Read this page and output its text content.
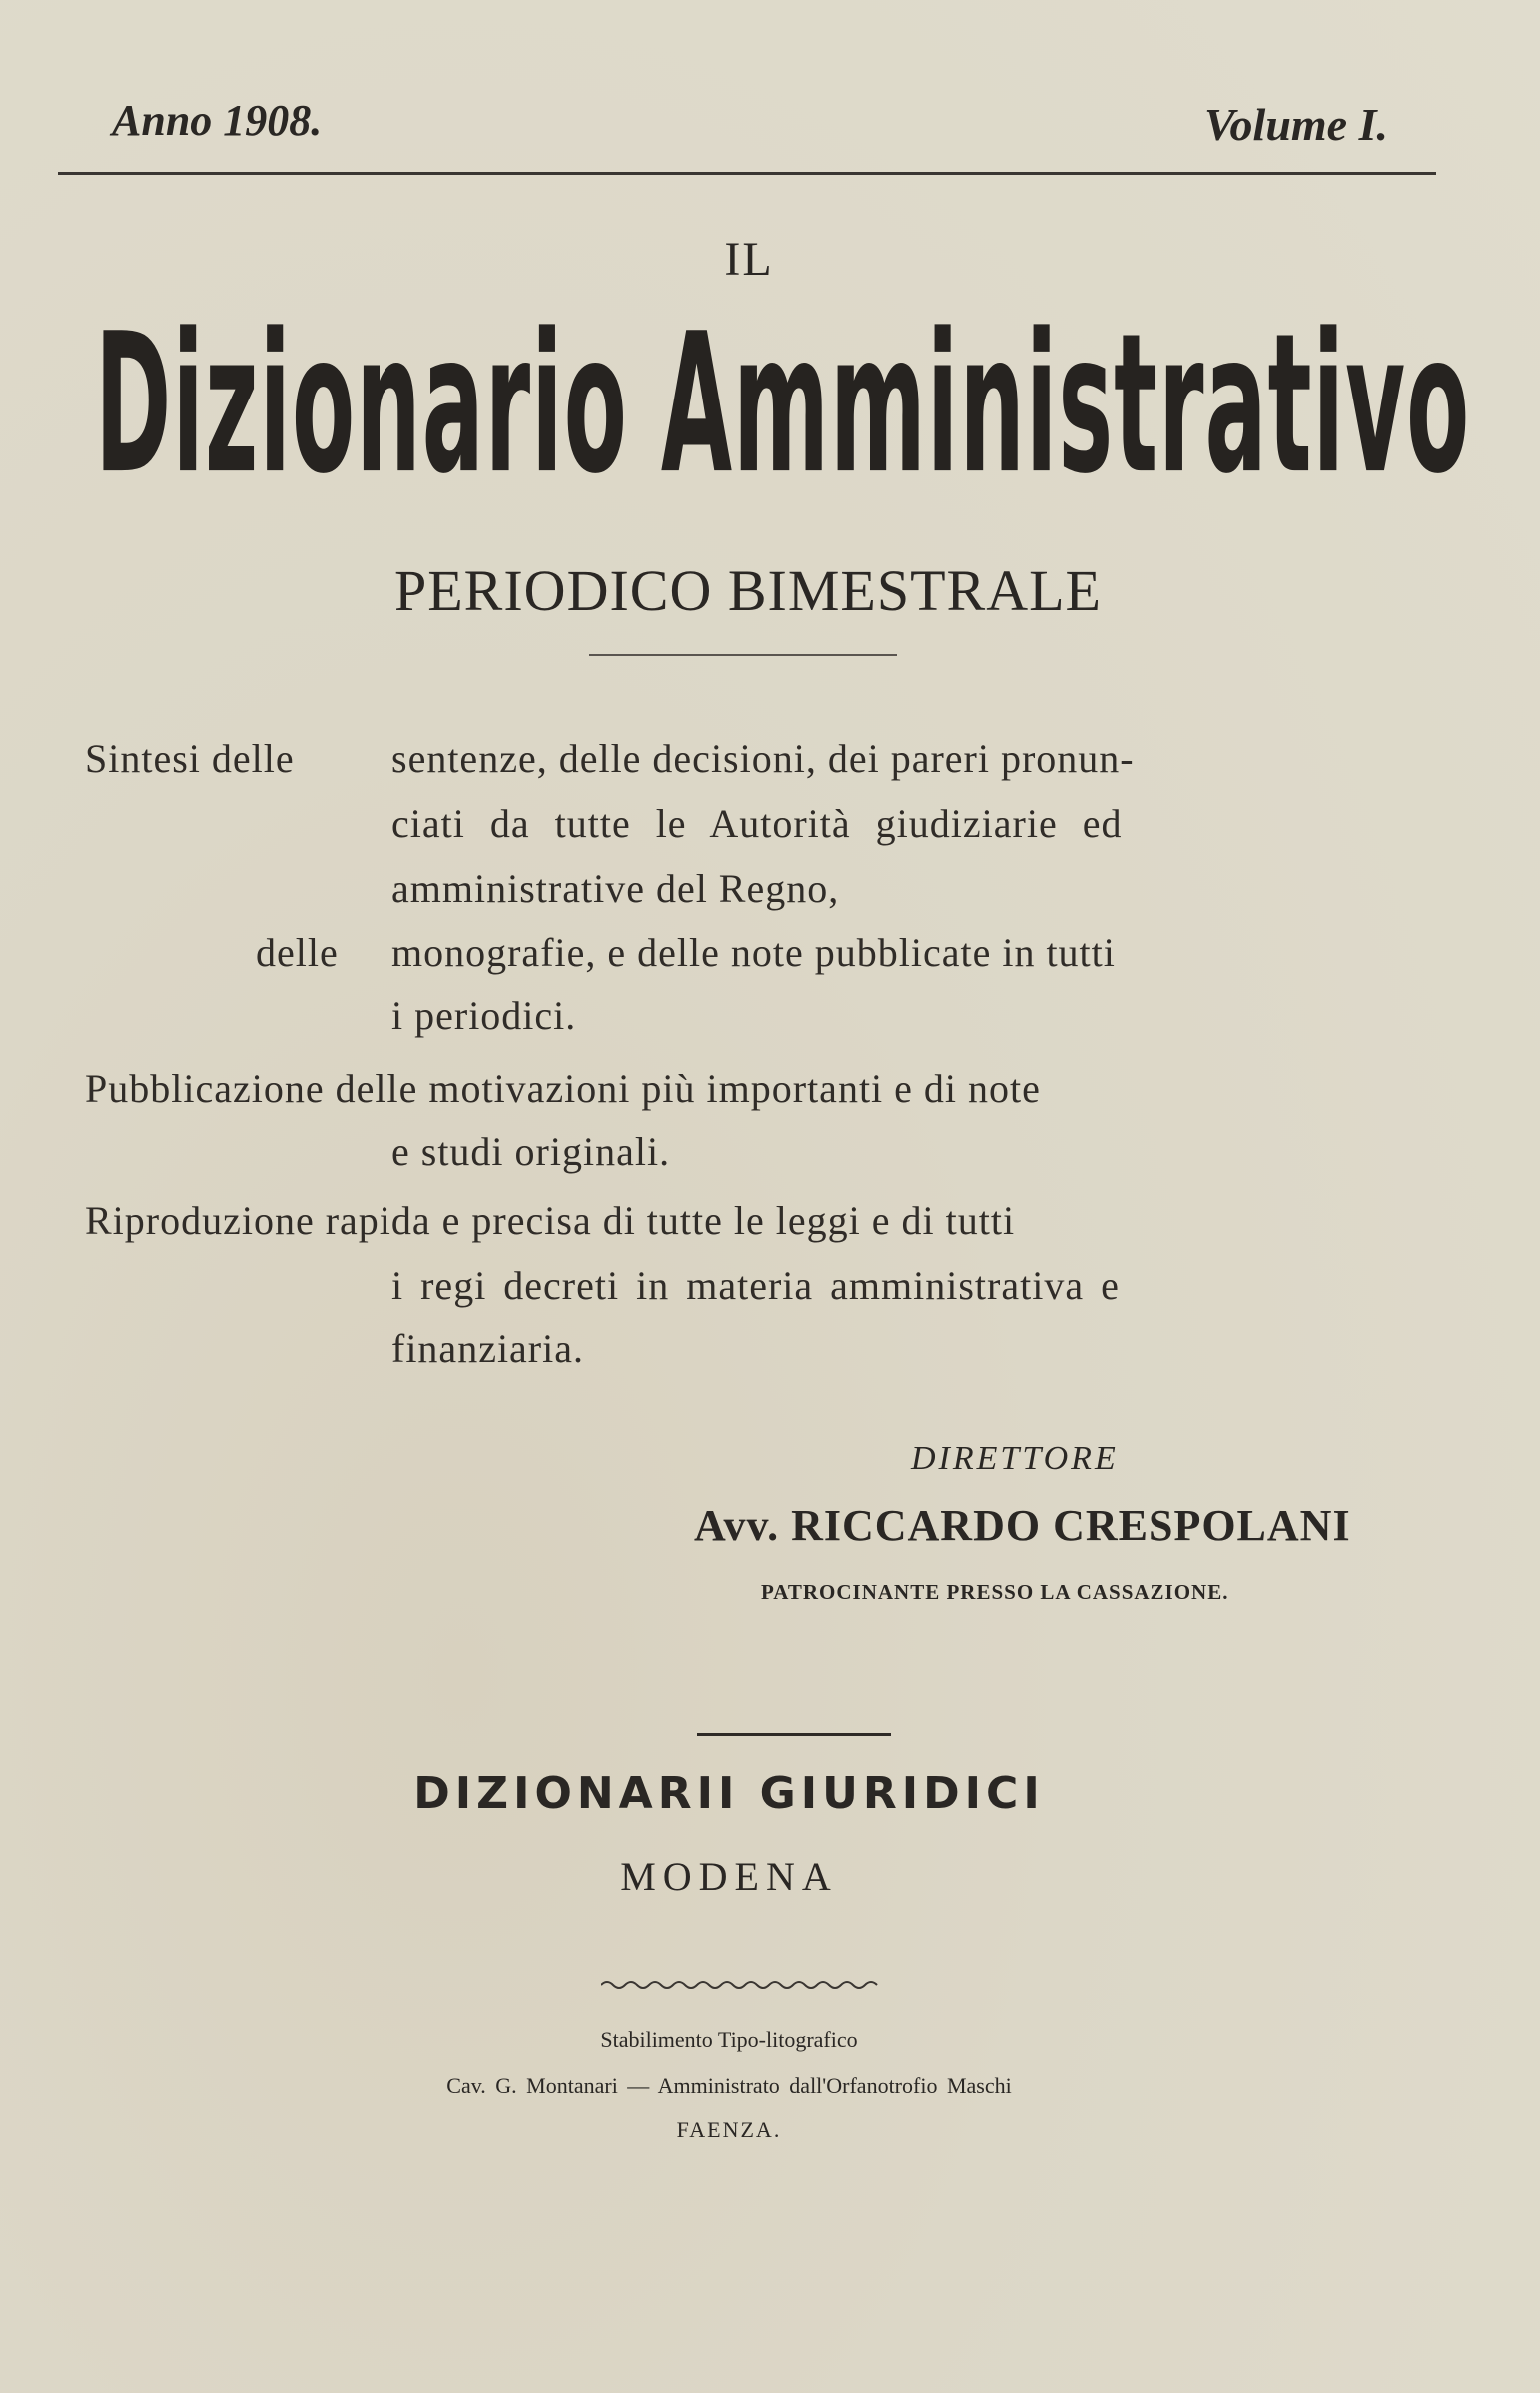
Anno 1908.	Volume I.
IL
Dizionario Amministrativo
PERIODICO BIMESTRALE
Sintesi delle sentenze, delle decisioni, dei pareri pronun-
ciati da tutte le Autorità giudiziarie ed
amministrative del Regno,
delle monografie, e delle note pubblicate in tutti
i periodici.
Pubblicazione delle motivazioni più importanti e di note
e studi originali.
Riproduzione rapida e precisa di tutte le leggi e di tutti
i regi decreti in materia amministrativa e
finanziaria.
DIRETTORE
Avv. RICCARDO CRESPOLANI
PATROCINANTE PRESSO LA CASSAZIONE.
DIZIONARII GIURIDICI
MODENA
Stabilimento Tipo-litografico
Cav. G. Montanari — Amministrato dall'Orfanotrofio Maschi
FAENZA.
